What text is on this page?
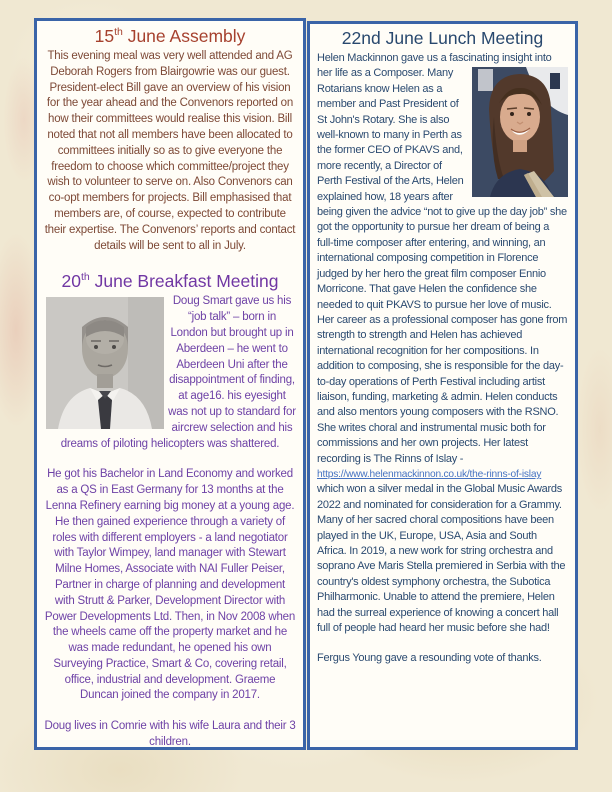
15th June Assembly

This evening meal was very well attended and AG Deborah Rogers from Blairgowrie was our guest. President-elect Bill gave an overview of his vision for the year ahead and the Convenors reported on how their committees would realise this vision. Bill noted that not all members have been allocated to committees initially so as to give everyone the freedom to choose which committee/project they wish to volunteer to serve on. Also Convenors can co-opt members for projects. Bill emphasised that members are, of course, expected to contribute their expertise. The Convenors’ reports and contact details will be sent to all in July.

20th June Breakfast Meeting

Doug Smart gave us his “job talk” – born in London but brought up in Aberdeen – he went to Aberdeen Uni after the disappointment of finding, at age16. his eyesight was not up to standard for aircrew selection and his dreams of piloting helicopters was shattered.

He got his Bachelor in Land Economy and worked as a QS in East Germany for 13 months at the Lenna Refinery earning big money at a young age. He then gained experience through a variety of roles with different employers - a land negotiator with Taylor Wimpey, land manager with Stewart Milne Homes, Associate with NAI Fuller Peiser, Partner in charge of planning and development with Strutt & Parker, Development Director with Power Developments Ltd. Then, in Nov 2008 when the wheels came off the property market and he was made redundant, he opened his own Surveying Practice, Smart & Co, covering retail, office, industrial and development. Graeme Duncan joined the company in 2017.

Doug lives in Comrie with his wife Laura and their 3 children.

22nd June Lunch Meeting

Helen Mackinnon gave us a fascinating insight into
her life as a Composer. Many Rotarians know Helen as a member and Past President of St John's Rotary. She is also well-known to many in Perth as the former CEO of PKAVS and, more recently, a Director of Perth Festival of the Arts, Helen explained how, 18 years after being given the advice “not to give up the day job” she got the opportunity to pursue her dream of being a full-time composer after entering, and winning, an international composing competition in Florence judged by her hero the great film composer Ennio Morricone. That gave Helen the confidence she needed to quit PKAVS to pursue her love of music. Her career as a professional composer has gone from strength to strength and Helen has achieved international recognition for her compositions. In addition to composing, she is responsible for the day-to-day operations of Perth Festival including artist liaison, funding, marketing & admin. Helen conducts and also mentors young composers with the RSNO. She writes choral and instrumental music both for commissions and her own projects. Her latest recording is The Rinns of Islay - https://www.helenmackinnon.co.uk/the-rinns-of-islay which won a silver medal in the Global Music Awards 2022 and nominated for consideration for a Grammy.

Many of her sacred choral compositions have been played in the UK, Europe, USA, Asia and South Africa. In 2019, a new work for string orchestra and soprano Ave Maris Stella premiered in Serbia with the country's oldest symphony orchestra, the Subotica Philharmonic. Unable to attend the premiere, Helen had the surreal experience of knowing a concert hall full of people had heard her music before she had!

Fergus Young gave a resounding vote of thanks.
